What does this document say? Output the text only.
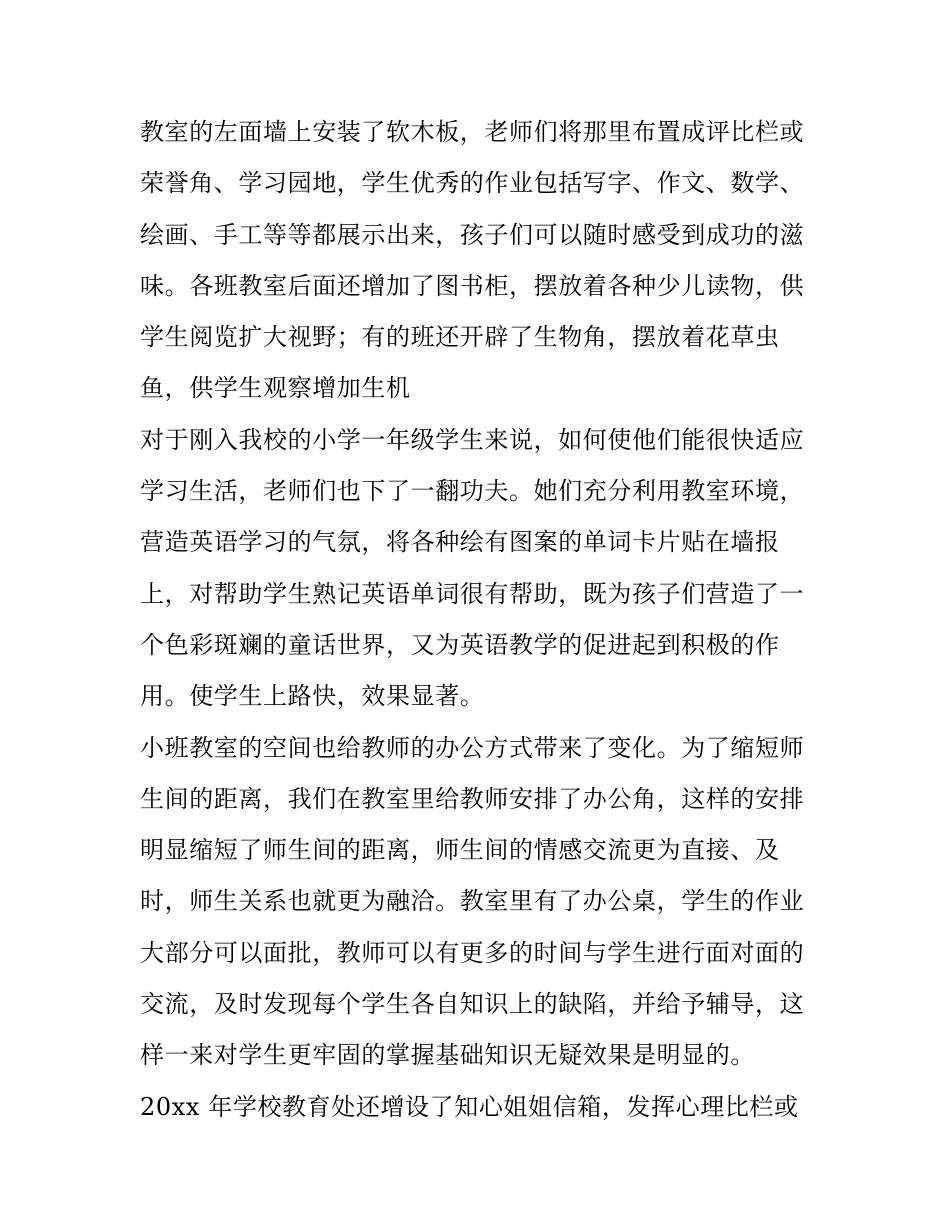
教室的左面墙上安装了软木板，老师们将那里布置成评比栏或
荣誉角、学习园地，学生优秀的作业包括写字、作文、数学、
绘画、手工等等都展示出来，孩子们可以随时感受到成功的滋
味。各班教室后面还增加了图书柜，摆放着各种少儿读物，供
学生阅览扩大视野；有的班还开辟了生物角，摆放着花草虫
鱼，供学生观察增加生机
对于刚入我校的小学一年级学生来说，如何使他们能很快适应
学习生活，老师们也下了一翻功夫。她们充分利用教室环境，
营造英语学习的气氛，将各种绘有图案的单词卡片贴在墙报
上，对帮助学生熟记英语单词很有帮助，既为孩子们营造了一
个色彩斑斓的童话世界，又为英语教学的促进起到积极的作
用。使学生上路快，效果显著。
小班教室的空间也给教师的办公方式带来了变化。为了缩短师
生间的距离，我们在教室里给教师安排了办公角，这样的安排
明显缩短了师生间的距离，师生间的情感交流更为直接、及
时，师生关系也就更为融洽。教室里有了办公桌，学生的作业
大部分可以面批，教师可以有更多的时间与学生进行面对面的
交流，及时发现每个学生各自知识上的缺陷，并给予辅导，这
样一来对学生更牢固的掌握基础知识无疑效果是明显的。
20xx 年学校教育处还增设了知心姐姐信箱，发挥心理比栏或
